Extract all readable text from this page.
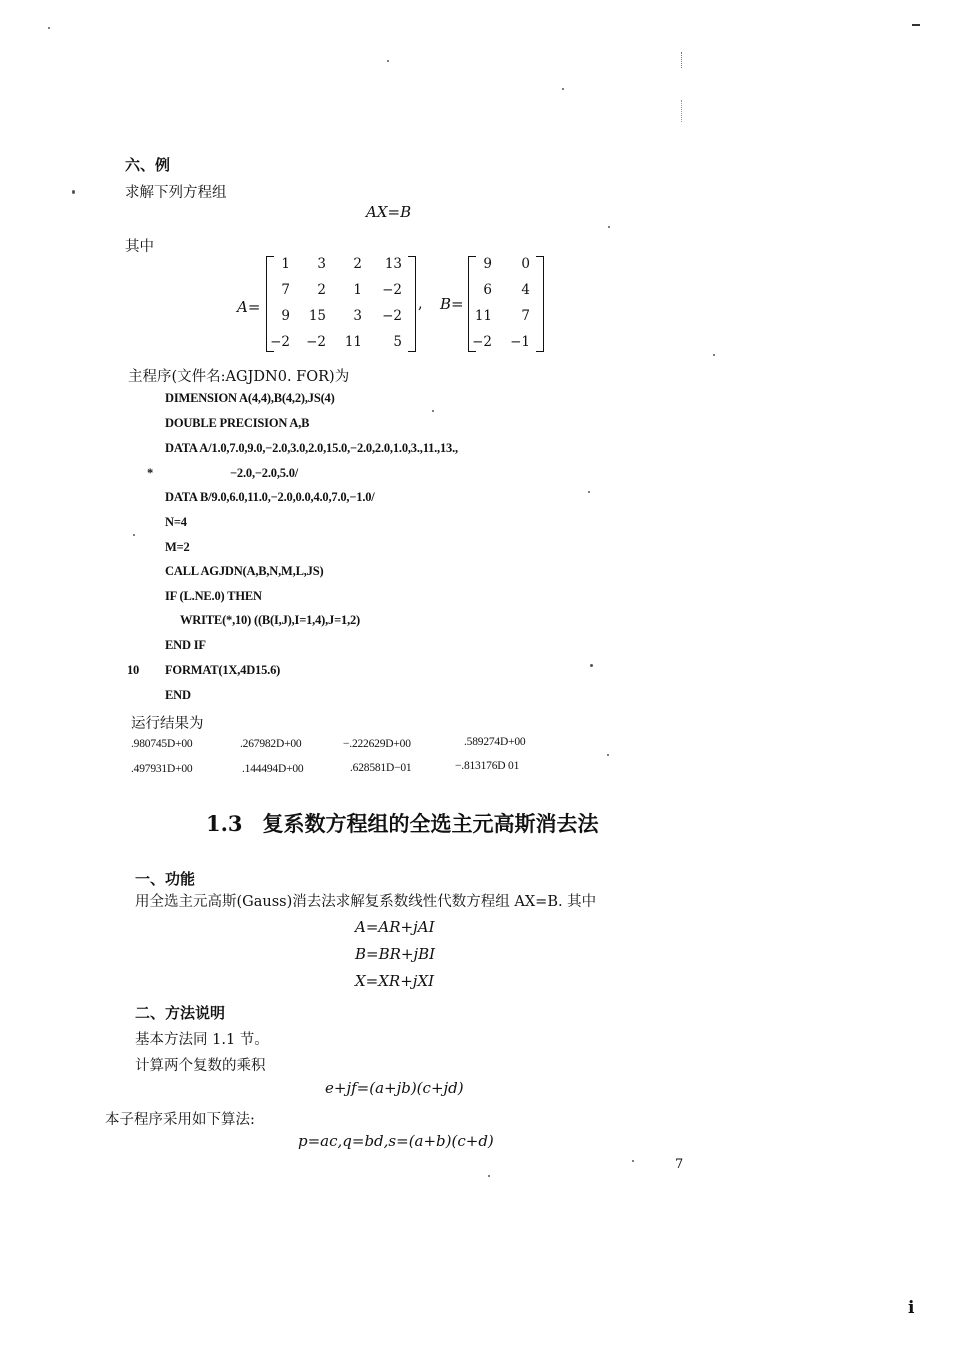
六、例
求解下列方程组
AX=B
其中
A=
1	3	2	13
7	2	1	−2
9	15	3	−2
−2	−2	11	5
, B=
9	0
6	4
11	7
−2	−1
主程序(文件名:AGJDN0. FOR)为
DIMENSION A(4,4),B(4,2),JS(4)
DOUBLE PRECISION A,B
DATA A/1.0,7.0,9.0,−2.0,3.0,2.0,15.0,−2.0,2.0,1.0,3.,11.,13.,
*	−2.0,−2.0,5.0/
DATA B/9.0,6.0,11.0,−2.0,0.0,4.0,7.0,−1.0/
N=4
M=2
CALL AGJDN(A,B,N,M,L,JS)
IF (L.NE.0) THEN
WRITE(*,10) ((B(I,J),I=1,4),J=1,2)
END IF
10 FORMAT(1X,4D15.6)
END
运行结果为
.980745D+00	.267982D+00	−.222629D+00	.589274D+00
.497931D+00	.144494D+00	.628581D−01	−.813176D 01
1.3 复系数方程组的全选主元高斯消去法
一、功能
用全选主元高斯(Gauss)消去法求解复系数线性代数方程组 AX=B. 其中
A=AR+jAI
B=BR+jBI
X=XR+jXI
二、方法说明
基本方法同 1.1 节。
计算两个复数的乘积
e+jf=(a+jb)(c+jd)
本子程序采用如下算法:
p=ac,q=bd,s=(a+b)(c+d)
7
i
